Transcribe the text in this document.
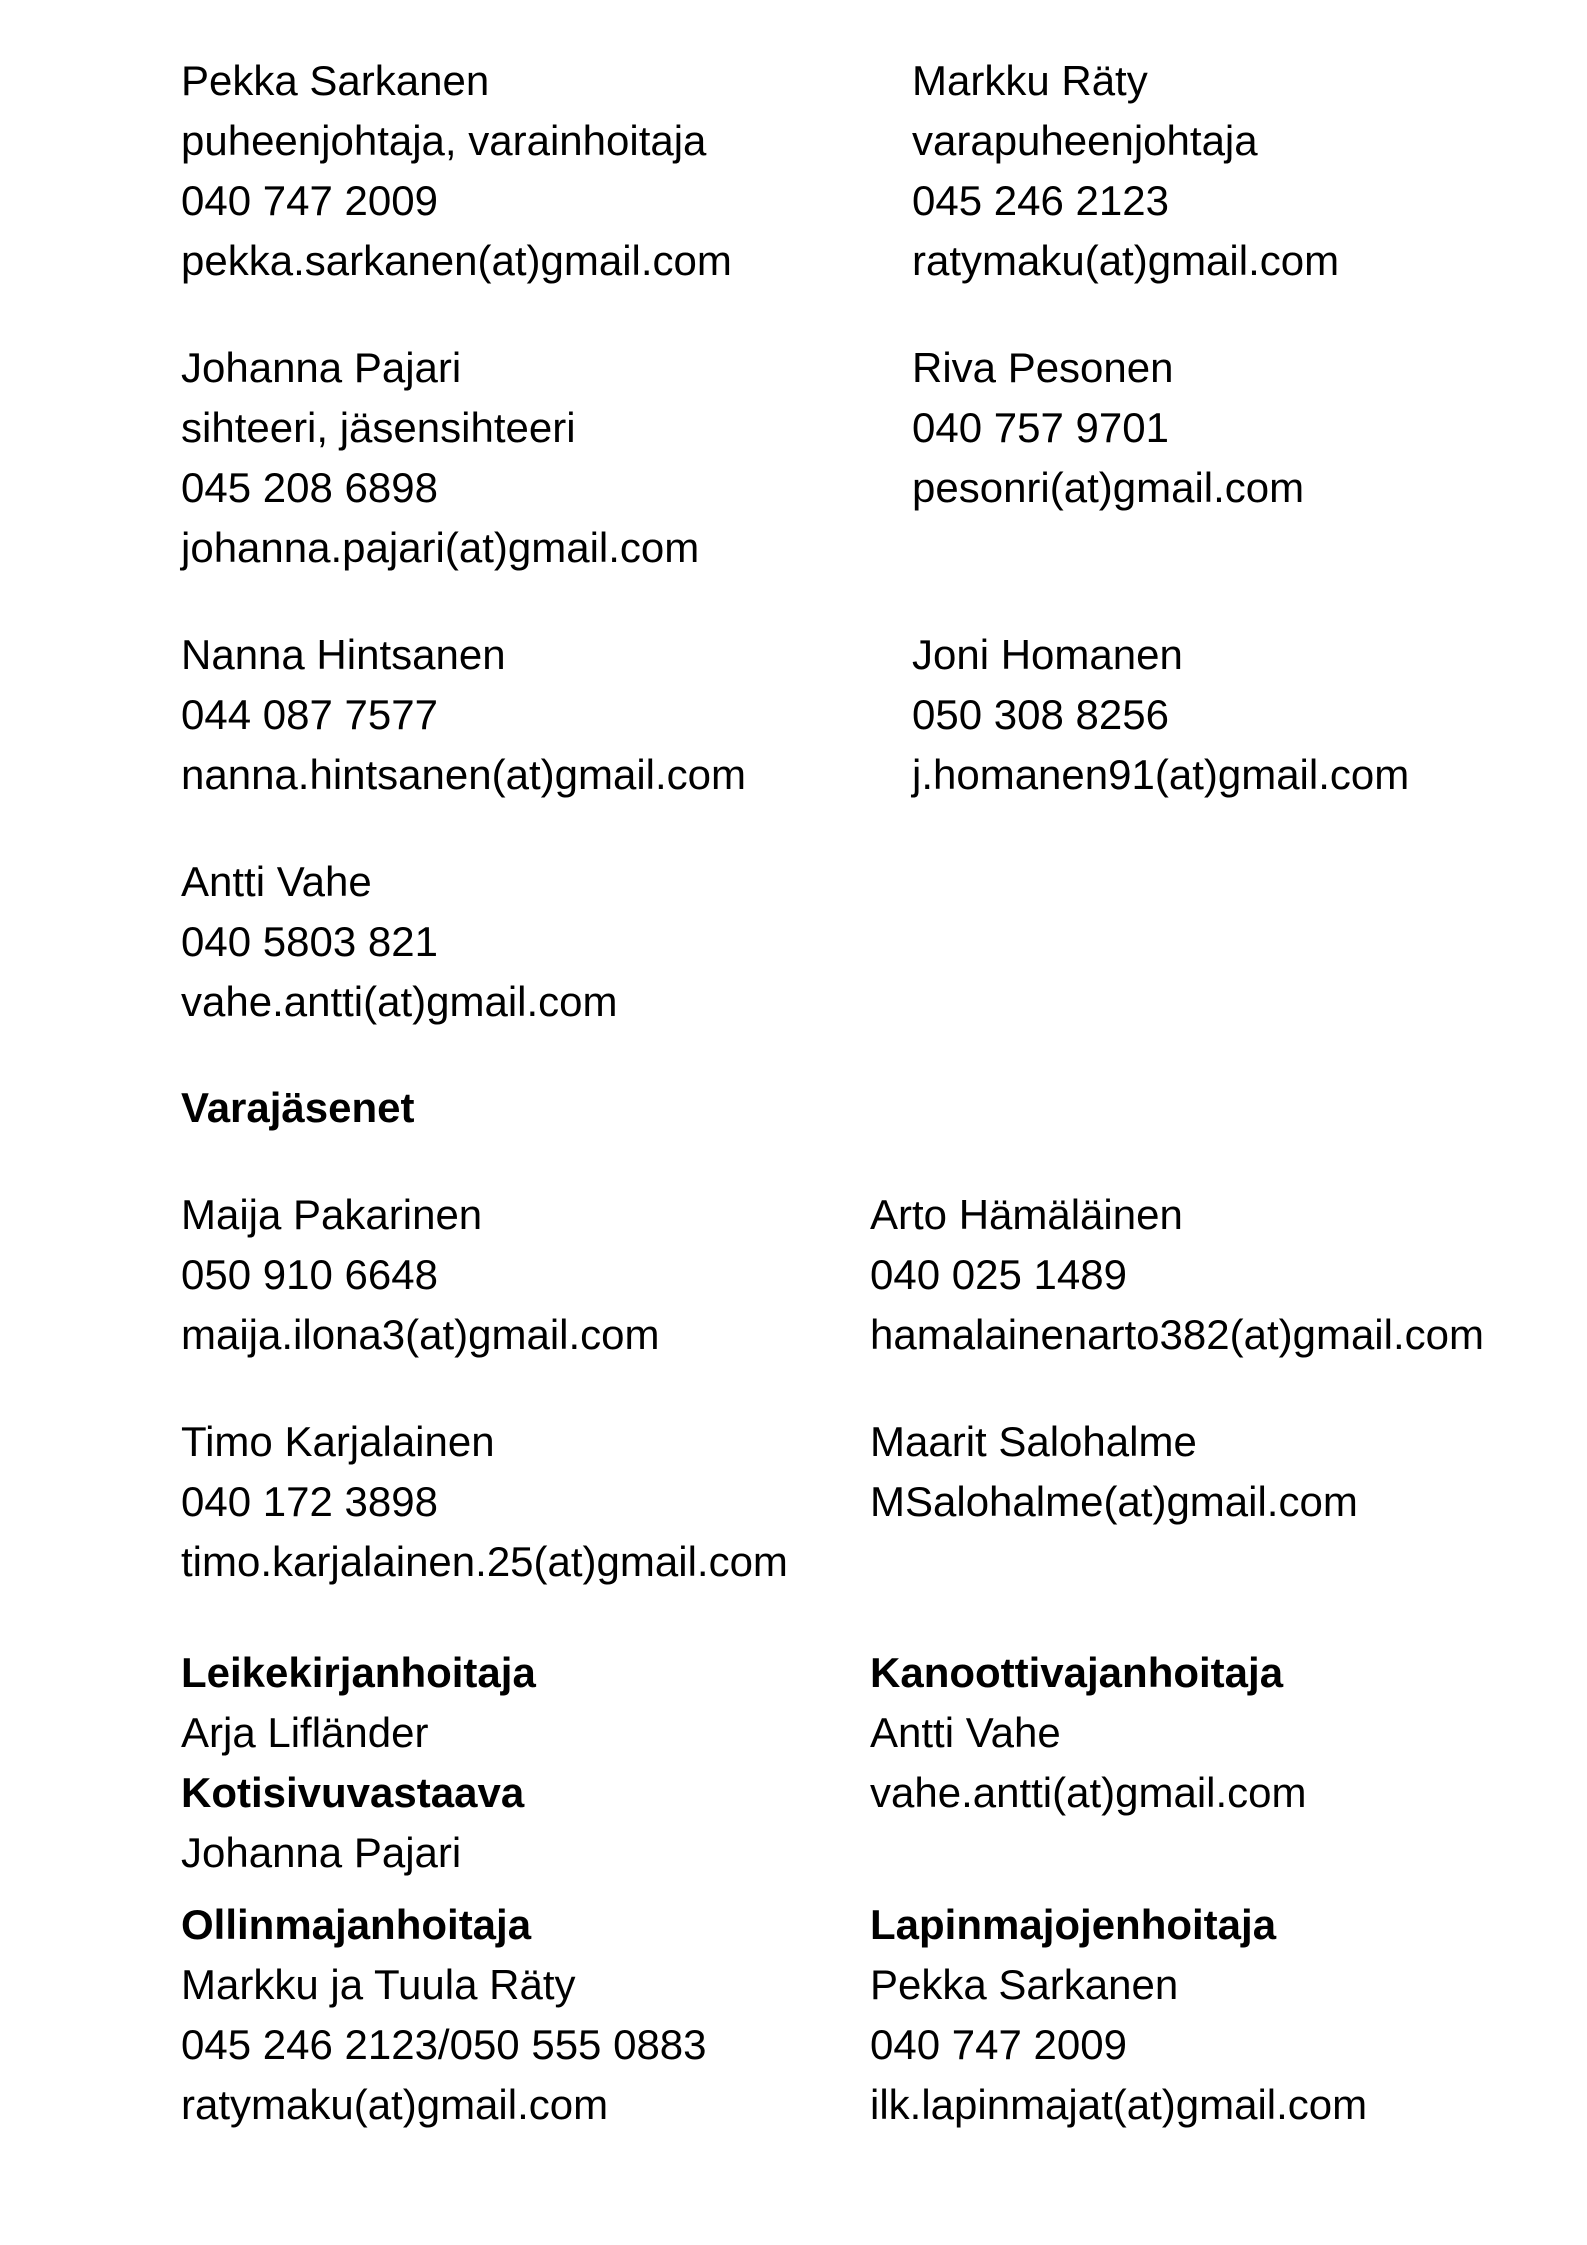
Pekka Sarkanen
puheenjohtaja, varainhoitaja
040 747 2009
pekka.sarkanen(at)gmail.com
Johanna Pajari
sihteeri, jäsensihteeri
045 208 6898
johanna.pajari(at)gmail.com
Nanna Hintsanen
044 087 7577
nanna.hintsanen(at)gmail.com
Antti Vahe
040 5803 821
vahe.antti(at)gmail.com
Markku Räty
varapuheenjohtaja
045 246 2123
ratymaku(at)gmail.com
Riva Pesonen
040 757 9701
pesonri(at)gmail.com
Joni Homanen
050 308 8256
j.homanen91(at)gmail.com
Varajäsenet
Maija Pakarinen
050 910 6648
maija.ilona3(at)gmail.com
Timo Karjalainen
040 172 3898
timo.karjalainen.25(at)gmail.com
Arto Hämäläinen
040 025 1489
hamalainenarto382(at)gmail.com
Maarit Salohalme
MSalohalme(at)gmail.com
Leikekirjanhoitaja
Arja Lifländer
Kotisivuvastaava
Johanna Pajari
Ollinmajanhoitaja
Markku ja Tuula Räty
045 246 2123/050 555 0883
ratymaku(at)gmail.com
Kanoottivajanhoitaja
Antti Vahe
vahe.antti(at)gmail.com
Lapinmajojenhoitaja
Pekka Sarkanen
040 747 2009
ilk.lapinmajat(at)gmail.com
